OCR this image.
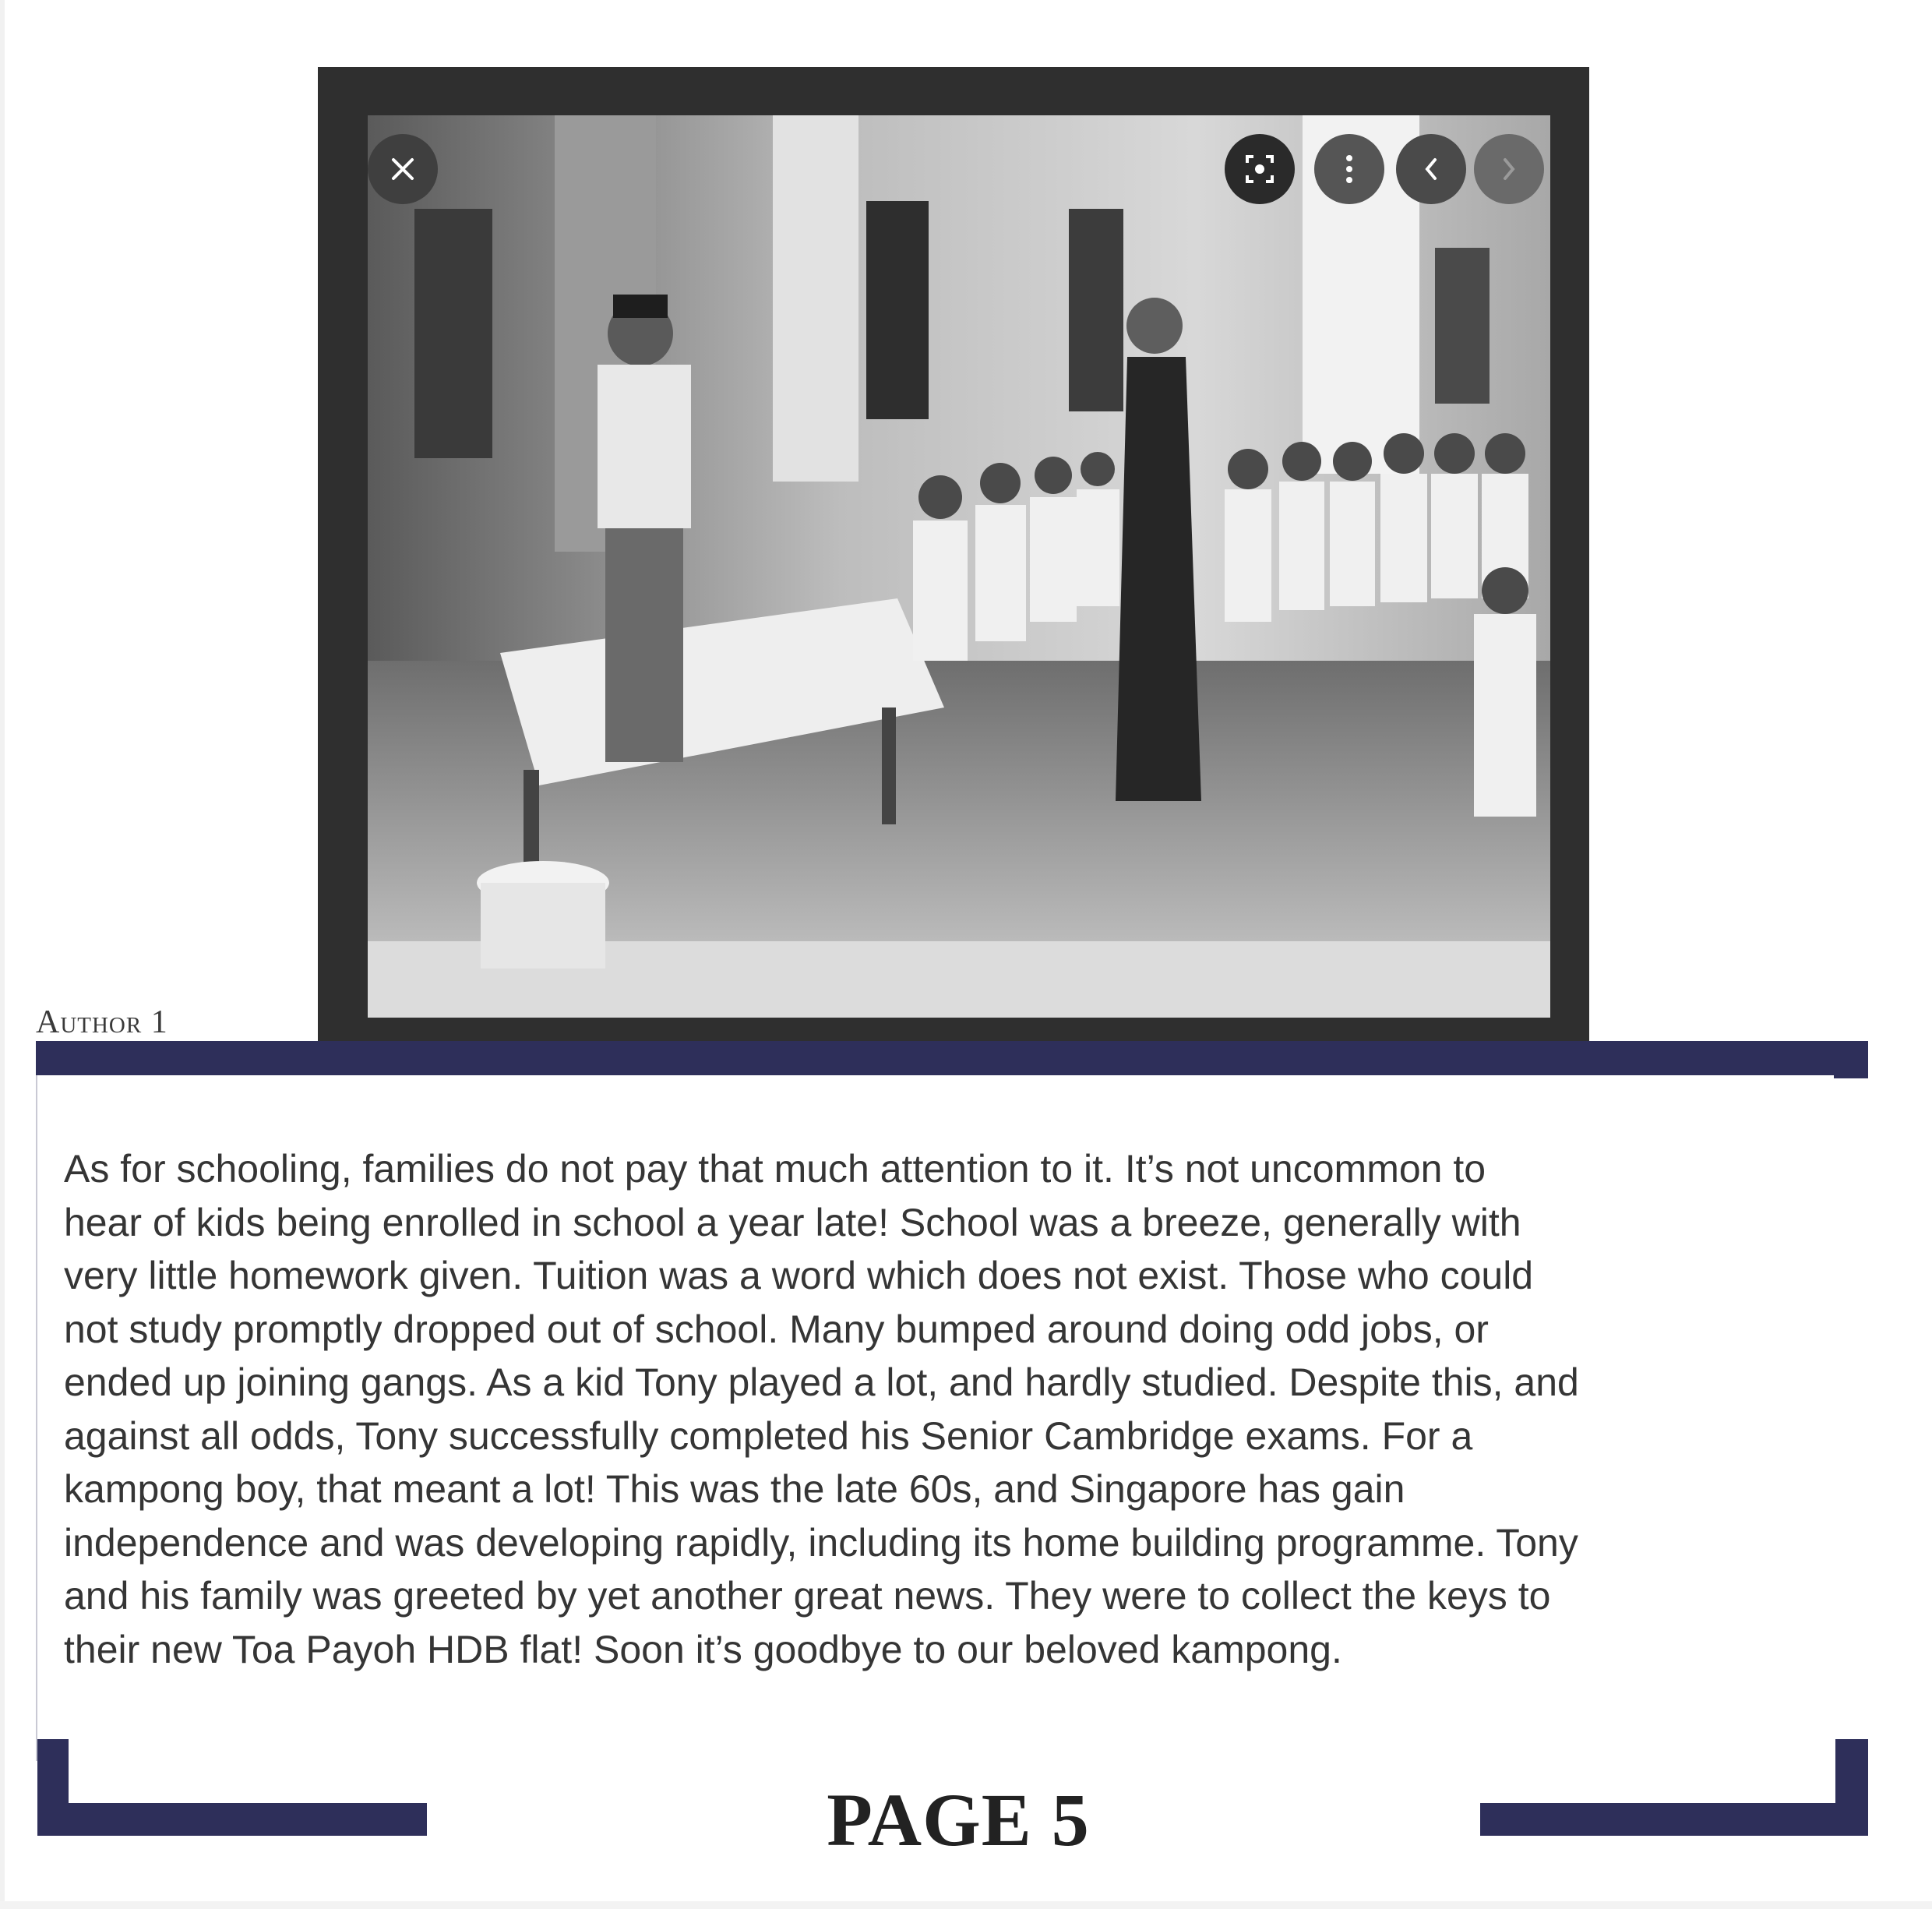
Author 1

As for schooling, families do not pay that much attention to it. It’s not uncommon to
hear of kids being enrolled in school a year late! School was a breeze, generally with
very little homework given. Tuition was a word which does not exist. Those who could
not study promptly dropped out of school. Many bumped around doing odd jobs, or
ended up joining gangs. As a kid Tony played a lot, and hardly studied. Despite this, and
against all odds, Tony successfully completed his Senior Cambridge exams. For a
kampong boy, that meant a lot! This was the late 60s, and Singapore has gain
independence and was developing rapidly, including its home building programme. Tony
and his family was greeted by yet another great news. They were to collect the keys to
their new Toa Payoh HDB flat! Soon it’s goodbye to our beloved kampong.

PAGE 5
